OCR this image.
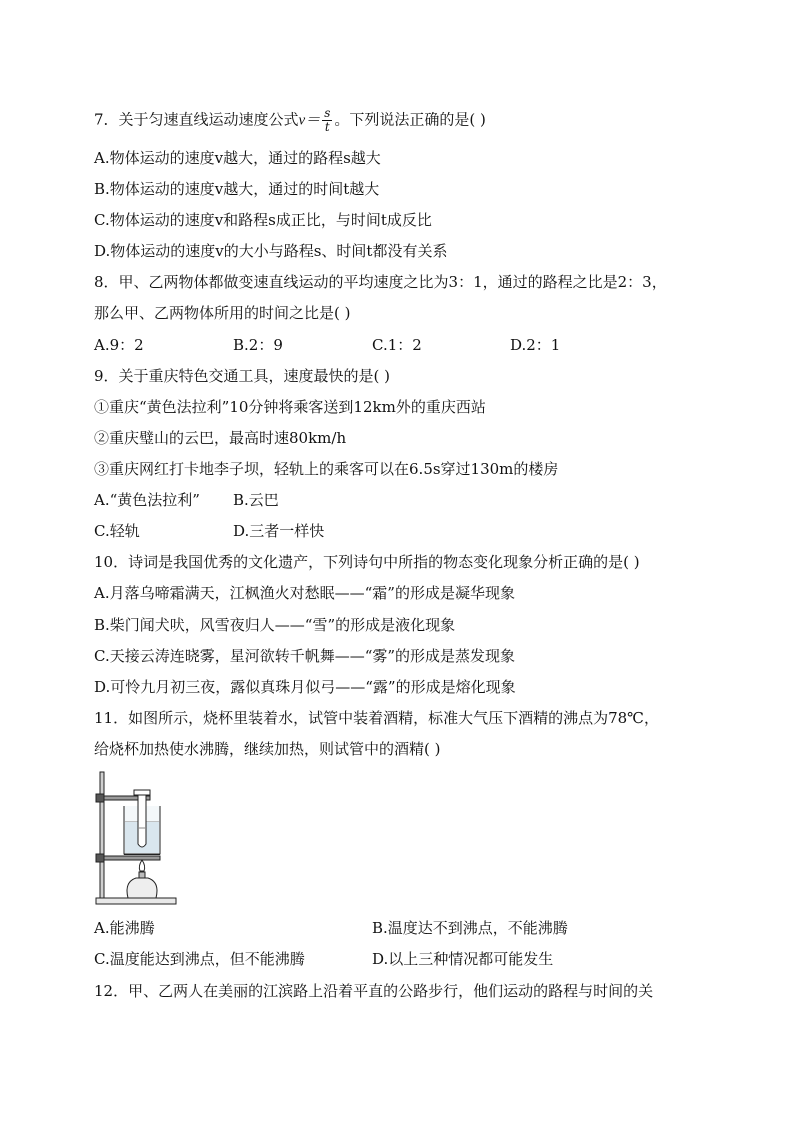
7．关于匀速直线运动速度公式$v= \frac{s}{t}$ 。下列说法正确的是( )
A.物体运动的速度v越大，通过的路程s越大
B.物体运动的速度v越大，通过的时间t越大
C.物体运动的速度v和路程s成正比，与时间t成反比
D.物体运动的速度v的大小与路程s、时间t都没有关系
8．甲、乙两物体都做变速直线运动的平均速度之比为3：1，通过的路程之比是2：3，
那么甲、乙两物体所用的时间之比是( )
A.9：2	B.2：9	C.1：2	D.2：1
9．关于重庆特色交通工具，速度最快的是( )
①重庆“黄色法拉利”10分钟将乘客送到12km外的重庆西站
②重庆璧山的云巴，最高时速80km/h
③重庆网红打卡地李子坝，轻轨上的乘客可以在6.5s穿过130m的楼房
A.“黄色法拉利” B.云巴
C.轻轨	D.三者一样快
10．诗词是我国优秀的文化遗产，下列诗句中所指的物态变化现象分析正确的是( )
A.月落乌啼霜满天，江枫渔火对愁眠——“霜”的形成是凝华现象
B.柴门闻犬吠，风雪夜归人——“雪”的形成是液化现象
C.天接云涛连晓雾，星河欲转千帆舞——“雾”的形成是蒸发现象
D.可怜九月初三夜，露似真珠月似弓——“露”的形成是熔化现象
11．如图所示，烧杯里装着水，试管中装着酒精，标准大气压下酒精的沸点为78℃，
给烧杯加热使水沸腾，继续加热，则试管中的酒精( )
A.能沸腾	B.温度达不到沸点，不能沸腾
C.温度能达到沸点，但不能沸腾	D.以上三种情况都可能发生
12．甲、乙两人在美丽的江滨路上沿着平直的公路步行，他们运动的路程与时间的关
